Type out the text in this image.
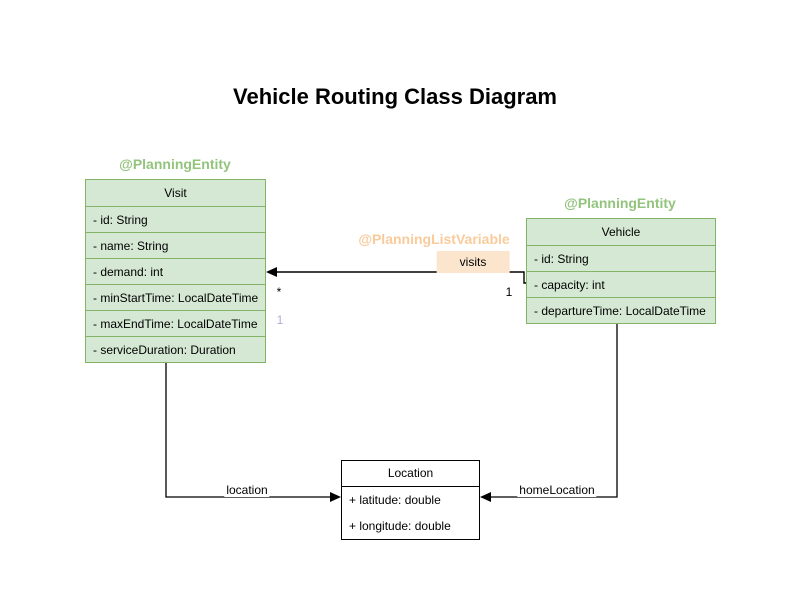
Vehicle Routing Class Diagram
@PlanningEntity
Visit
- id: String
- name: String
- demand: int
- minStartTime: LocalDateTime
- maxEndTime: LocalDateTime
- serviceDuration: Duration
@PlanningEntity
Vehicle
- id: String
- capacity: int
- departureTime: LocalDateTime
Location
+ latitude: double
+ longitude: double
@PlanningListVariable
visits
*	1
1
location	homeLocation
